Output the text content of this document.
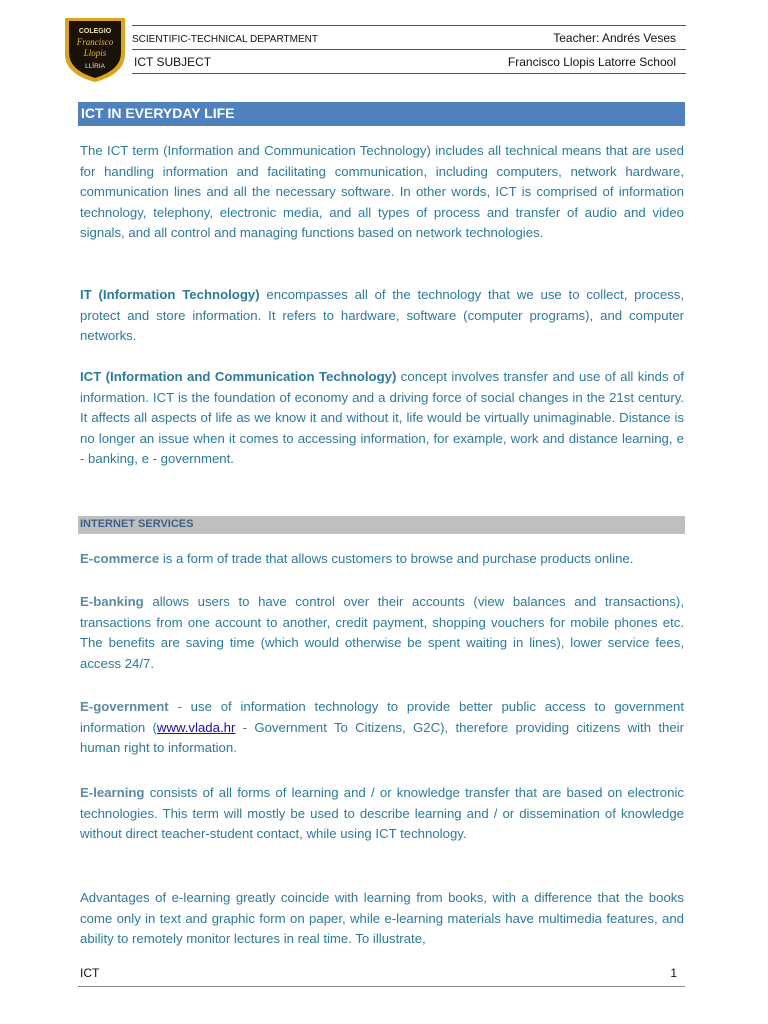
COLEGIO
Francisco
Llopis
LLÍRIA
SCIENTIFIC-TECHNICAL DEPARTMENT	Teacher: Andrés Veses
ICT SUBJECT	Francisco Llopis Latorre School
ICT IN EVERYDAY LIFE

The ICT term (Information and Communication Technology) includes all technical means that are used for handling information and facilitating communication, including computers, network hardware, communication lines and all the necessary software. In other words, ICT is comprised of information technology, telephony, electronic media, and all types of process and transfer of audio and video signals, and all control and managing functions based on network technologies.

IT (Information Technology) encompasses all of the technology that we use to collect, process, protect and store information. It refers to hardware, software (computer programs), and computer networks.

ICT (Information and Communication Technology) concept involves transfer and use of all kinds of information. ICT is the foundation of economy and a driving force of social changes in the 21st century. It affects all aspects of life as we know it and without it, life would be virtually unimaginable. Distance is no longer an issue when it comes to accessing information, for example, work and distance learning, e - banking, e - government.

INTERNET SERVICES

E-commerce is a form of trade that allows customers to browse and purchase products online.

E-banking allows users to have control over their accounts (view balances and transactions), transactions from one account to another, credit payment, shopping vouchers for mobile phones etc. The benefits are saving time (which would otherwise be spent waiting in lines), lower service fees, access 24/7.

E-government - use of information technology to provide better public access to government information (www.vlada.hr - Government To Citizens, G2C), therefore providing citizens with their human right to information.

E-learning consists of all forms of learning and / or knowledge transfer that are based on electronic technologies. This term will mostly be used to describe learning and / or dissemination of knowledge without direct teacher-student contact, while using ICT technology.

Advantages of e-learning greatly coincide with learning from books, with a difference that the books come only in text and graphic form on paper, while e-learning materials have multimedia features, and ability to remotely monitor lectures in real time. To illustrate,

ICT	1
